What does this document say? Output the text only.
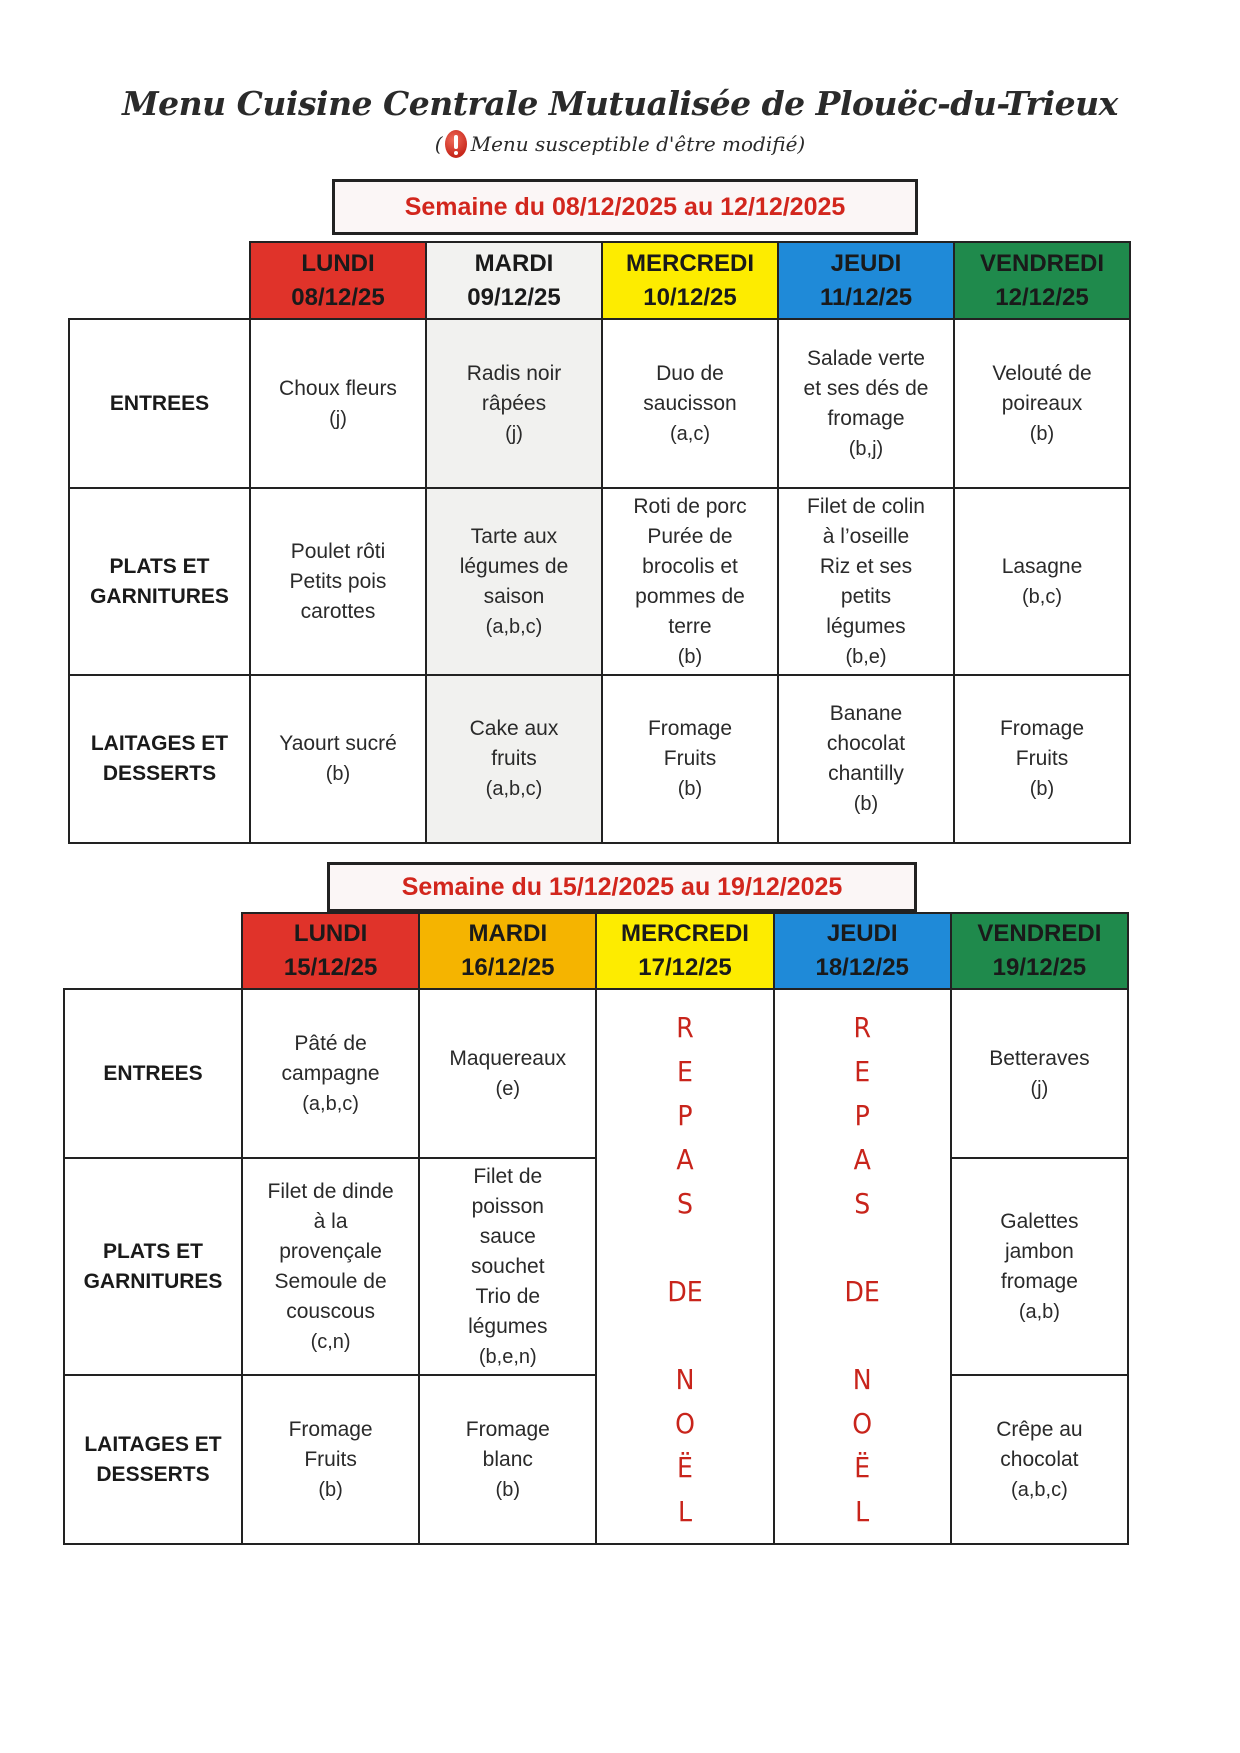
Menu Cuisine Centrale Mutualisée de Plouëc-du-Trieux
( Menu susceptible d'être modifié)
Semaine du 08/12/2025 au 12/12/2025
ENTREES
PLATS ET
GARNITURES
LAITAGES ET
DESSERTS
LUNDI
08/12/25
Choux fleurs
(j)
Poulet rôti
Petits pois
carottes
Yaourt sucré
(b)
MARDI
09/12/25
Radis noir
râpées
(j)
Tarte aux
légumes de
saison
(a,b,c)
Cake aux
fruits
(a,b,c)
MERCREDI
10/12/25
Duo de
saucisson
(a,c)
Roti de porc
Purée de
brocolis et
pommes de
terre
(b)
Fromage
Fruits
(b)
JEUDI
11/12/25
Salade verte
et ses dés de
fromage
(b,j)
Filet de colin
à l’oseille
Riz et ses
petits
légumes
(b,e)
Banane
chocolat
chantilly
(b)
VENDREDI
12/12/25
Velouté de
poireaux
(b)
Lasagne
(b,c)
Fromage
Fruits
(b)
Semaine du 15/12/2025 au 19/12/2025
ENTREES
PLATS ET
GARNITURES
LAITAGES ET
DESSERTS
LUNDI
15/12/25
Pâté de
campagne
(a,b,c)
Filet de dinde
à la
provençale
Semoule de
couscous
(c,n)
Fromage
Fruits
(b)
MARDI
16/12/25
Maquereaux
(e)
Filet de
poisson
sauce
souchet
Trio de
légumes
(b,e,n)
Fromage
blanc
(b)
MERCREDI
17/12/25
R
E
P
A
S
DE
N
O
Ë
L
JEUDI
18/12/25
R
E
P
A
S
DE
N
O
Ë
L
VENDREDI
19/12/25
Betteraves
(j)
Galettes
jambon
fromage
(a,b)
Crêpe au
chocolat
(a,b,c)
